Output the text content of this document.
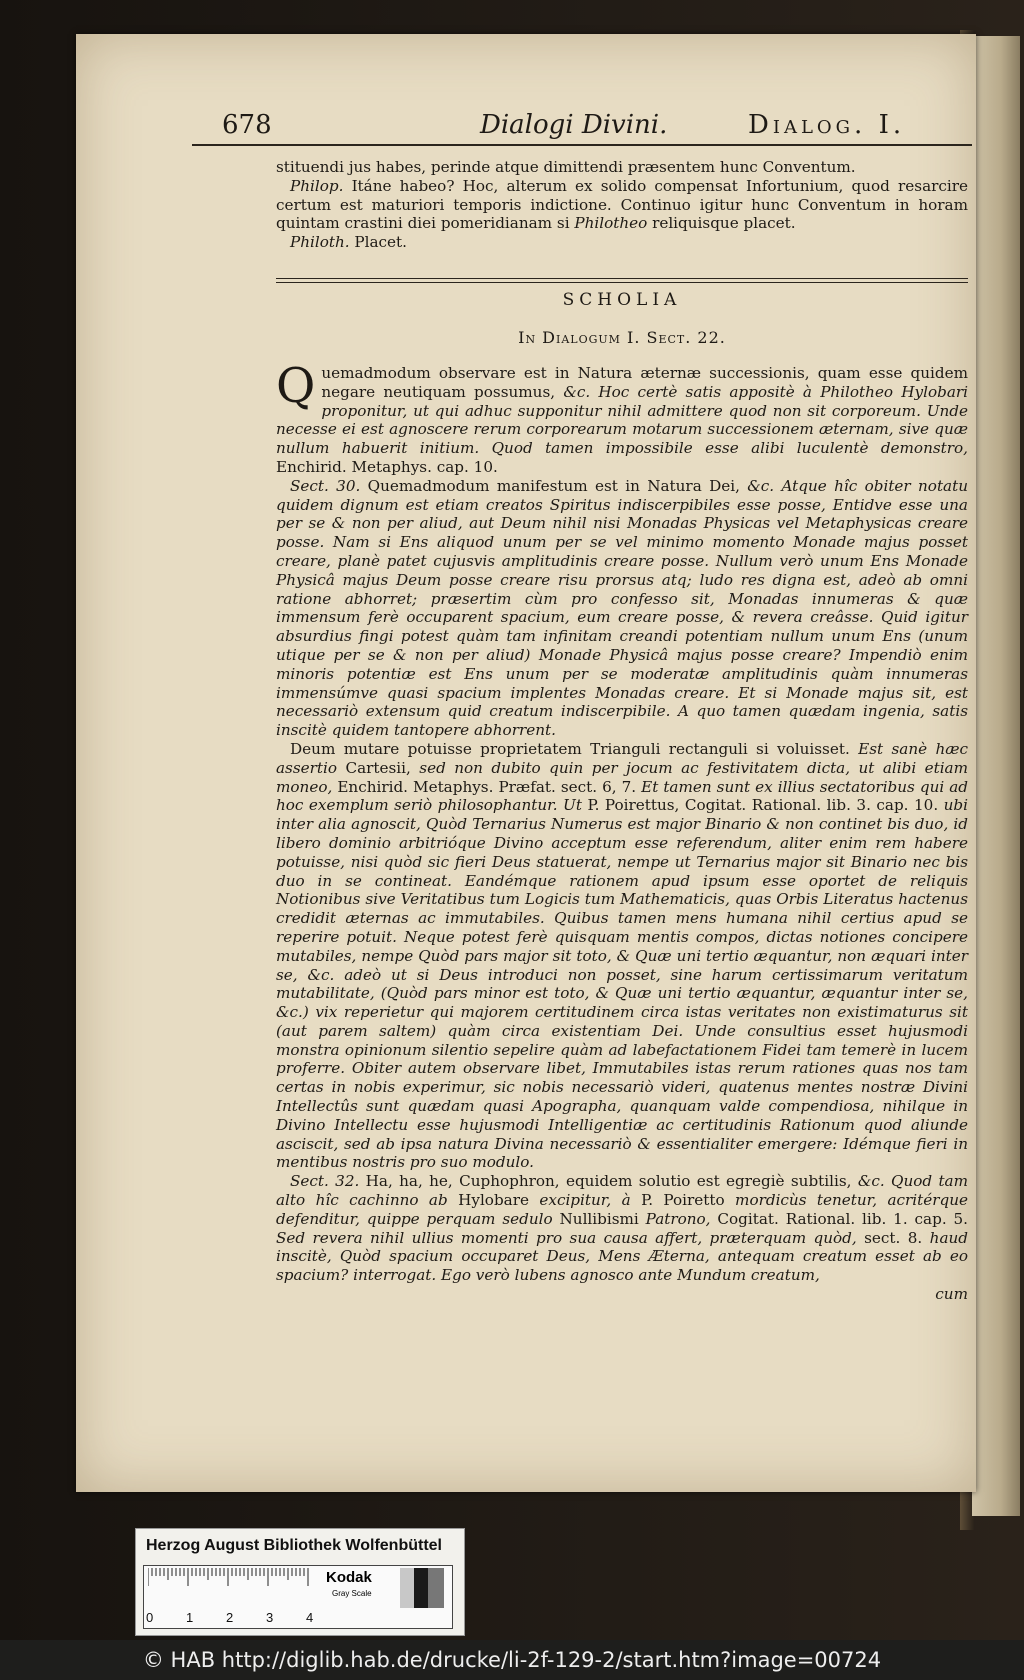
678	Dialogi Divini.	Dialog. I.

stituendi jus habes, perinde atque dimittendi præsentem hunc Conventum.

Philop. Itáne habeo? Hoc, alterum ex solido compensat Infortunium, quod resarcire certum est maturiori temporis indictione. Continuo igitur hunc Conventum in horam quintam crastini diei pomeridianam si Philotheo reliquisque placet.

Philoth. Placet.

SCHOLIA
In Dialogum I. Sect. 22.

Quemadmodum observare est in Natura æternæ successionis, quam esse quidem negare neutiquam possumus, &c. Hoc certè satis appositè à Philotheo Hylobari proponitur, ut qui adhuc supponitur nihil admittere quod non sit corporeum. Unde necesse ei est agnoscere rerum corporearum motarum successionem æternam, sive quæ nullum habuerit initium. Quod tamen impossibile esse alibi luculentè demonstro, Enchirid. Metaphys. cap. 10.

Sect. 30. Quemadmodum manifestum est in Natura Dei, &c. Atque hîc obiter notatu quidem dignum est etiam creatos Spiritus indiscerpibiles esse posse, Entidve esse una per se & non per aliud, aut Deum nihil nisi Monadas Physicas vel Metaphysicas creare posse. Nam si Ens aliquod unum per se vel minimo momento Monade majus posset creare, planè patet cujusvis amplitudinis creare posse. Nullum verò unum Ens Monade Physicâ majus Deum posse creare risu prorsus atq; ludo res digna est, adeò ab omni ratione abhorret; præsertim cùm pro confesso sit, Monadas innumeras & quæ immensum ferè occuparent spacium, eum creare posse, & revera creâsse. Quid igitur absurdius fingi potest quàm tam infinitam creandi potentiam nullum unum Ens (unum utique per se & non per aliud) Monade Physicâ majus posse creare? Impendiò enim minoris potentiæ est Ens unum per se moderatæ amplitudinis quàm innumeras immensúmve quasi spacium implentes Monadas creare. Et si Monade majus sit, est necessariò extensum quid creatum indiscerpibile. A quo tamen quædam ingenia, satis inscitè quidem tantopere abhorrent.

Deum mutare potuisse proprietatem Trianguli rectanguli si voluisset. Est sanè hæc assertio Cartesii, sed non dubito quin per jocum ac festivitatem dicta, ut alibi etiam moneo, Enchirid. Metaphys. Præfat. sect. 6, 7. Et tamen sunt ex illius sectatoribus qui ad hoc exemplum seriò philosophantur. Ut P. Poirettus, Cogitat. Rational. lib. 3. cap. 10. ubi inter alia agnoscit, Quòd Ternarius Numerus est major Binario & non continet bis duo, id libero dominio arbitrióque Divino acceptum esse referendum, aliter enim rem habere potuisse, nisi quòd sic fieri Deus statuerat, nempe ut Ternarius major sit Binario nec bis duo in se contineat. Eandémque rationem apud ipsum esse oportet de reliquis Notionibus sive Veritatibus tum Logicis tum Mathematicis, quas Orbis Literatus hactenus credidit æternas ac immutabiles. Quibus tamen mens humana nihil certius apud se reperire potuit. Neque potest ferè quisquam mentis compos, dictas notiones concipere mutabiles, nempe Quòd pars major sit toto, & Quæ uni tertio æquantur, non æquari inter se, &c. adeò ut si Deus introduci non posset, sine harum certissimarum veritatum mutabilitate, (Quòd pars minor est toto, & Quæ uni tertio æquantur, æquantur inter se, &c.) vix reperietur qui majorem certitudinem circa istas veritates non existimaturus sit (aut parem saltem) quàm circa existentiam Dei. Unde consultius esset hujusmodi monstra opinionum silentio sepelire quàm ad labefactationem Fidei tam temerè in lucem proferre. Obiter autem observare libet, Immutabiles istas rerum rationes quas nos tam certas in nobis experimur, sic nobis necessariò videri, quatenus mentes nostræ Divini Intellectûs sunt quædam quasi Apographa, quanquam valde compendiosa, nihilque in Divino Intellectu esse hujusmodi Intelligentiæ ac certitudinis Rationum quod aliunde asciscit, sed ab ipsa natura Divina necessariò & essentialiter emergere: Idémque fieri in mentibus nostris pro suo modulo.

Sect. 32. Ha, ha, he, Cuphophron, equidem solutio est egregiè subtilis, &c. Quod tam alto hîc cachinno ab Hylobare excipitur, à P. Poiretto mordicùs tenetur, acritérque defenditur, quippe perquam sedulo Nullibismi Patrono, Cogitat. Rational. lib. 1. cap. 5. Sed revera nihil ullius momenti pro sua causa affert, præterquam quòd, sect. 8. haud inscitè, Quòd spacium occuparet Deus, Mens Æterna, antequam creatum esset ab eo spacium? interrogat. Ego verò lubens agnosco ante Mundum creatum,

cum

Herzog August Bibliothek Wolfenbüttel
0	1	2	3	4
Kodak
Gray Scale
© HAB http://diglib.hab.de/drucke/li-2f-129-2/start.htm?image=00724
